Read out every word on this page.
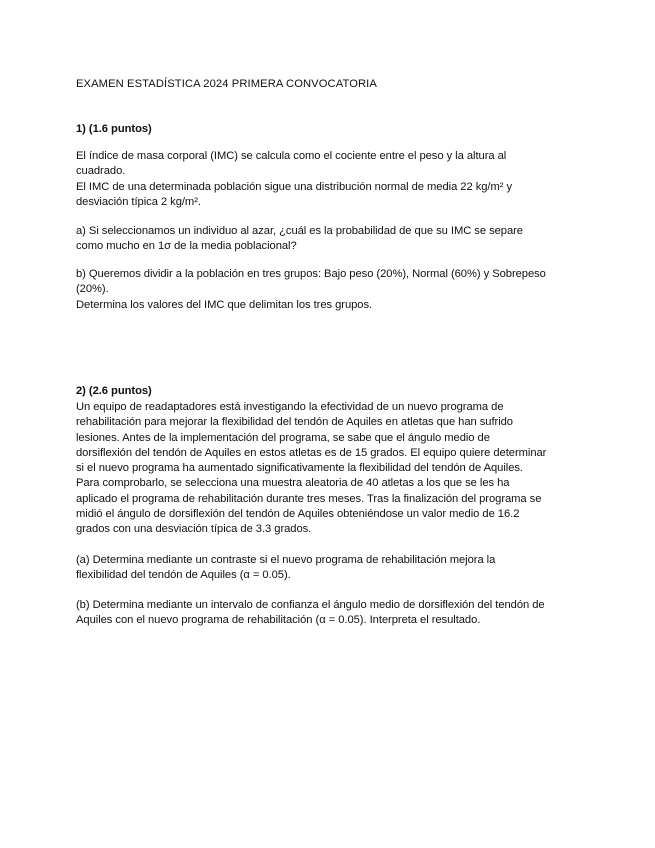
EXAMEN ESTADÍSTICA 2024 PRIMERA CONVOCATORIA

1) (1.6 puntos)

El índice de masa corporal (IMC) se calcula como el cociente entre el peso y la altura al
cuadrado.
El IMC de una determinada población sigue una distribución normal de media 22 kg/m² y
desviación típica 2 kg/m².

a) Si seleccionamos un individuo al azar, ¿cuál es la probabilidad de que su IMC se separe
como mucho en 1σ de la media poblacional?

b) Queremos dividir a la población en tres grupos: Bajo peso (20%), Normal (60%) y Sobrepeso
(20%).
Determina los valores del IMC que delimitan los tres grupos.

2) (2.6 puntos)

Un equipo de readaptadores está investigando la efectividad de un nuevo programa de
rehabilitación para mejorar la flexibilidad del tendón de Aquiles en atletas que han sufrido
lesiones. Antes de la implementación del programa, se sabe que el ángulo medio de
dorsiflexión del tendón de Aquiles en estos atletas es de 15 grados. El equipo quiere determinar
si el nuevo programa ha aumentado significativamente la flexibilidad del tendón de Aquiles.
Para comprobarlo, se selecciona una muestra aleatoria de 40 atletas a los que se les ha
aplicado el programa de rehabilitación durante tres meses. Tras la finalización del programa se
midió el ángulo de dorsiflexión del tendón de Aquiles obteniéndose un valor medio de 16.2
grados con una desviación típica de 3.3 grados.

(a) Determina mediante un contraste si el nuevo programa de rehabilitación mejora la
flexibilidad del tendón de Aquiles (α = 0.05).

(b) Determina mediante un intervalo de confianza el ángulo medio de dorsiflexión del tendón de
Aquiles con el nuevo programa de rehabilitación (α = 0.05). Interpreta el resultado.
